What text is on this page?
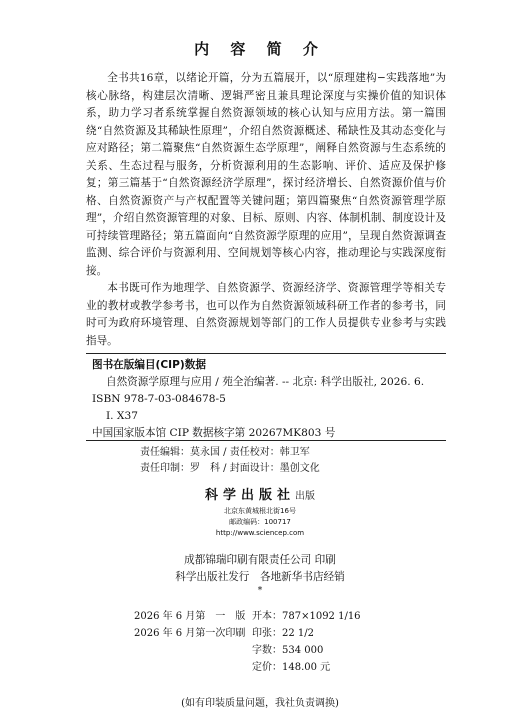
内 容 简 介

全书共16章，以绪论开篇，分为五篇展开，以“原理建构−实践落地”为核心脉络，构建层次清晰、逻辑严密且兼具理论深度与实操价值的知识体系，助力学习者系统掌握自然资源领域的核心认知与应用方法。第一篇围绕“自然资源及其稀缺性原理”，介绍自然资源概述、稀缺性及其动态变化与应对路径；第二篇聚焦“自然资源生态学原理”，阐释自然资源与生态系统的关系、生态过程与服务，分析资源利用的生态影响、评价、适应及保护修复；第三篇基于“自然资源经济学原理”，探讨经济增长、自然资源价值与价格、自然资源资产与产权配置等关键问题；第四篇聚焦“自然资源管理学原理”，介绍自然资源管理的对象、目标、原则、内容、体制机制、制度设计及可持续管理路径；第五篇面向“自然资源学原理的应用”，呈现自然资源调查监测、综合评价与资源利用、空间规划等核心内容，推动理论与实践深度衔接。

本书既可作为地理学、自然资源学、资源经济学、资源管理学等相关专业的教材或教学参考书，也可以作为自然资源领域科研工作者的参考书，同时可为政府环境管理、自然资源规划等部门的工作人员提供专业参考与实践指导。

图书在版编目(CIP)数据
自然资源学原理与应用 / 苑全治编著. -- 北京: 科学出版社, 2026. 6.
ISBN 978-7-03-084678-5
Ⅰ. X37
中国国家版本馆 CIP 数据核字第 20267MK803 号
责任编辑：莫永国 / 责任校对：韩卫军
责任印制：罗　科 / 封面设计：墨创文化
科学出版社出版
北京东黄城根北街16号
邮政编码：100717
http://www.sciencep.com
成都锦瑞印刷有限责任公司 印刷
科学出版社发行　各地新华书店经销
*
2026 年 6 月第　一　版 开本：787×1092 1/16
2026 年 6 月第一次印刷 印张：22 1/2
字数：534 000
定价：148.00 元
(如有印装质量问题，我社负责调换)
